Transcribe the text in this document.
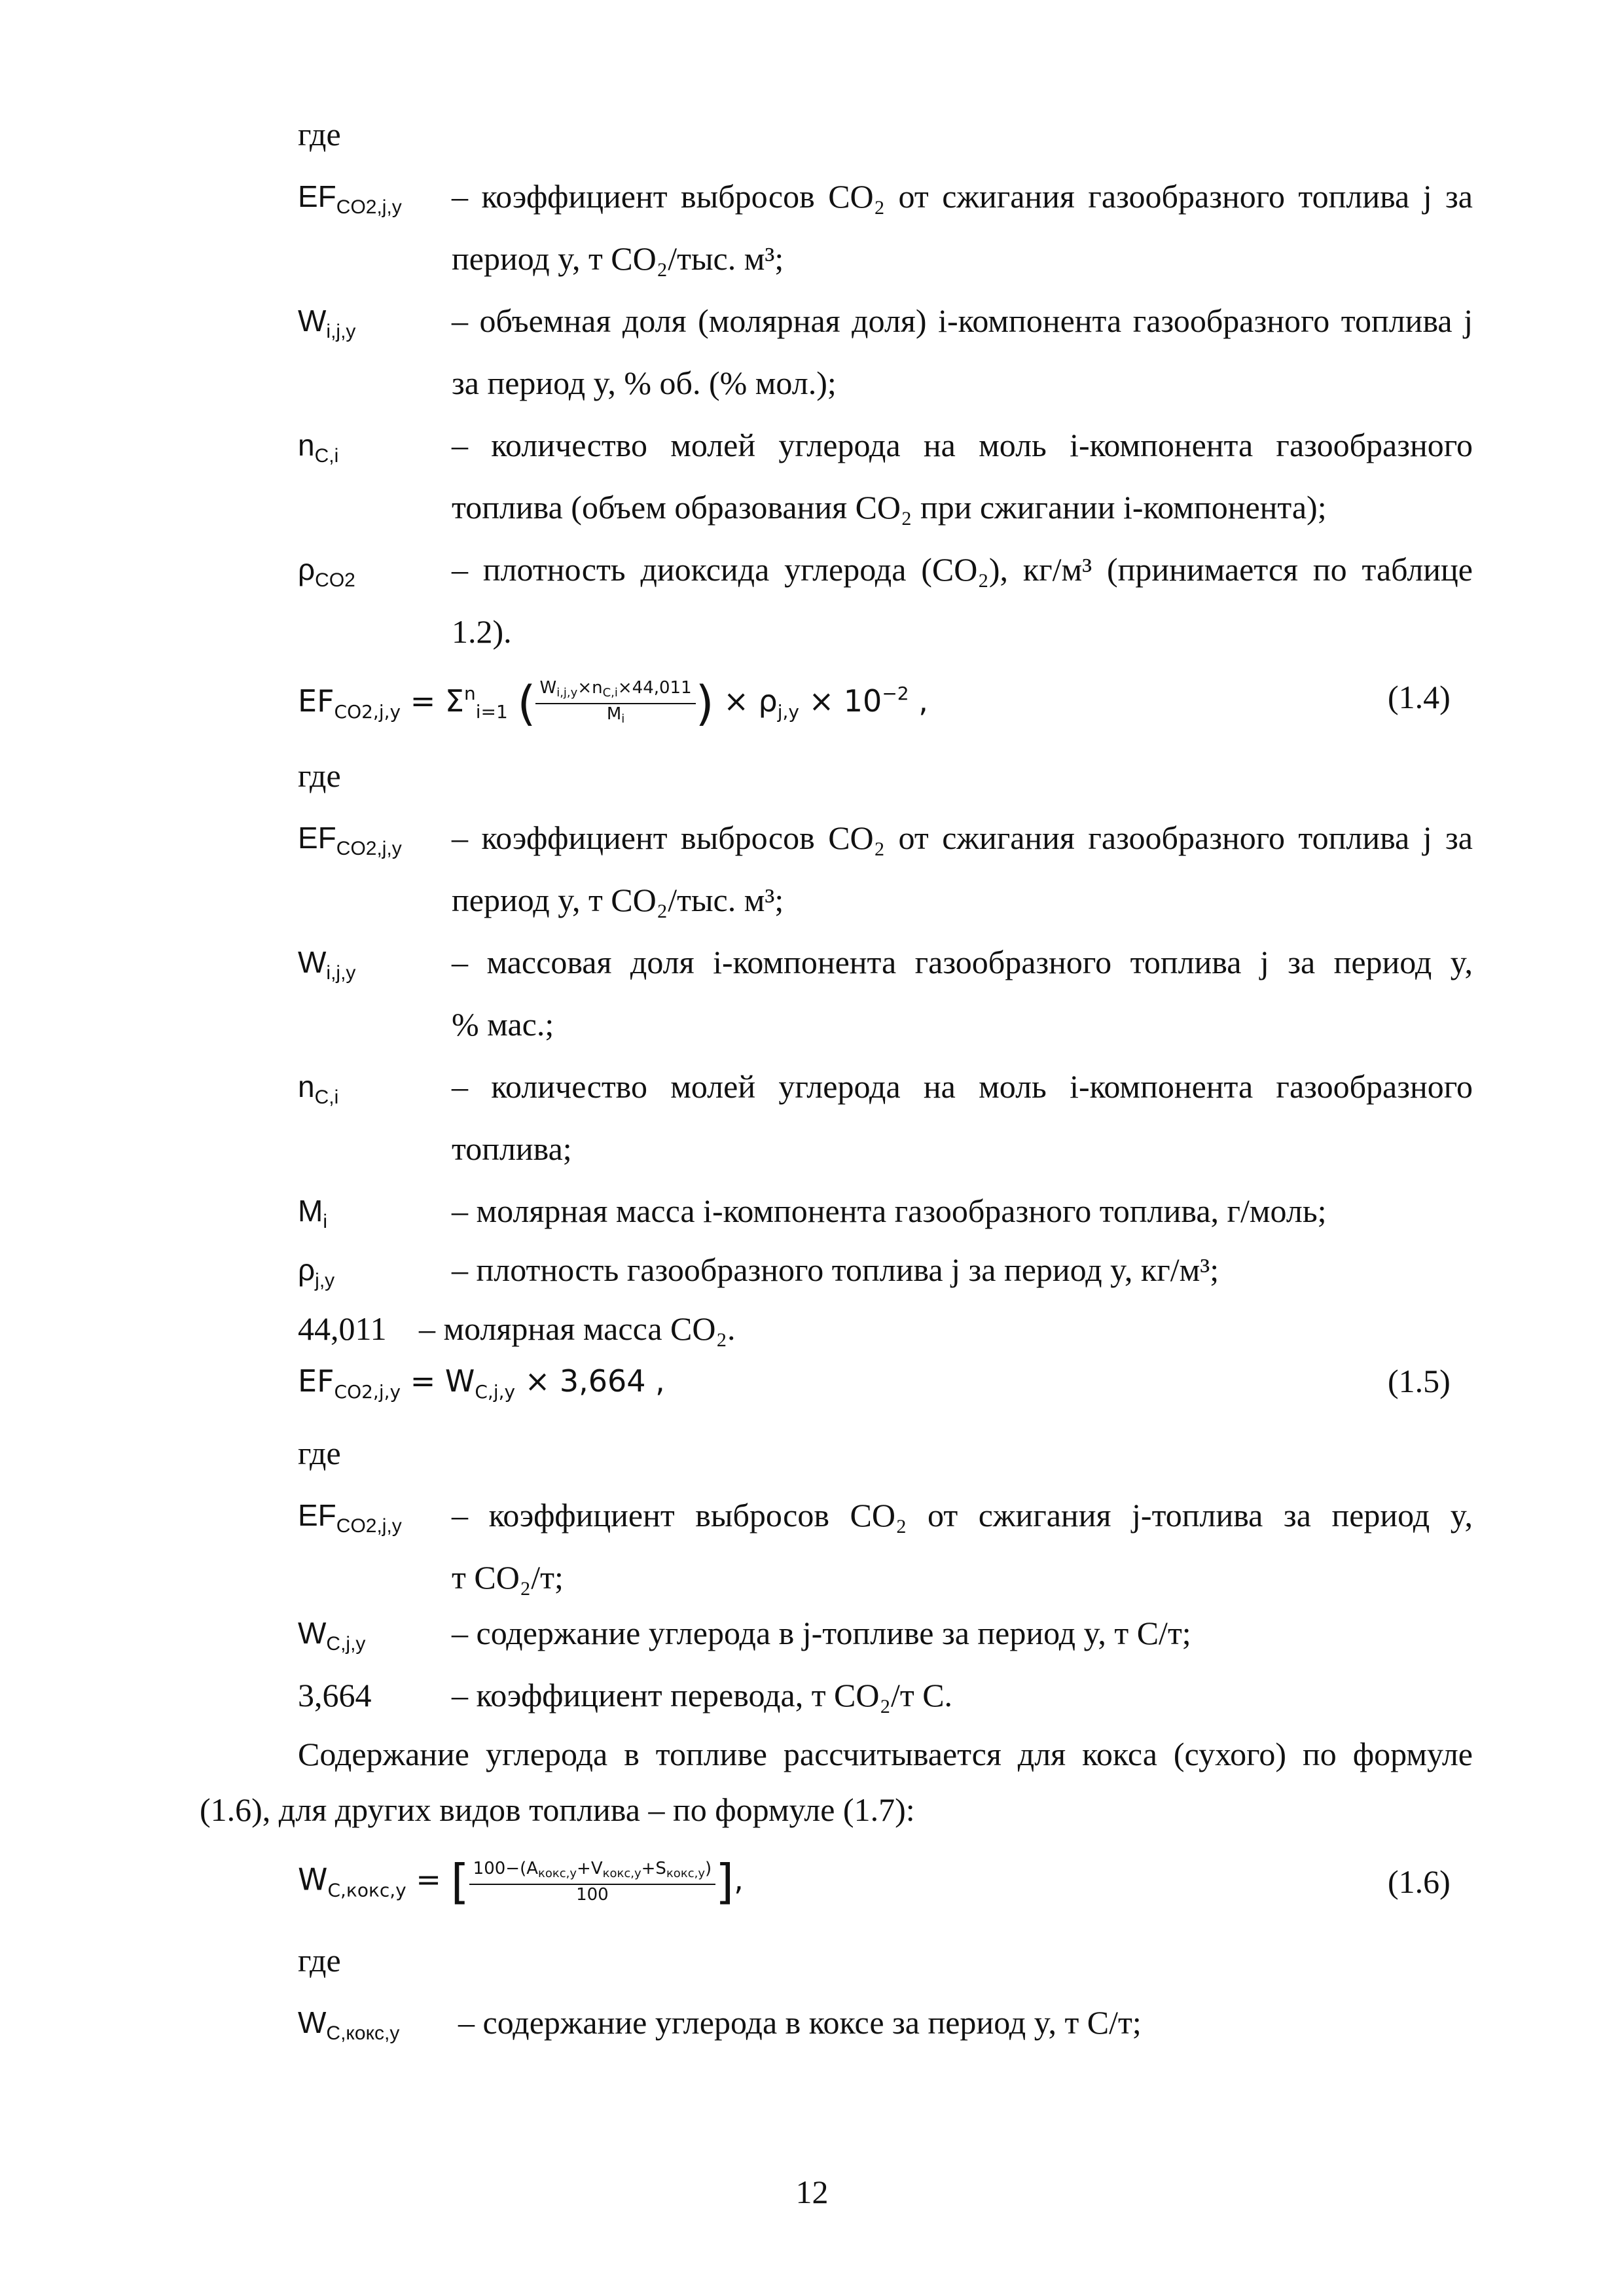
где
$EF_{CO2,j,y}$ – коэффициент выбросов CO₂ от сжигания газообразного топлива j за
период y, т CO₂/тыс. м³;
$W_{i,j,y}$	– объемная доля (молярная доля) i-компонента газообразного топлива j
за период y, % об. (% мол.);
$n_{C,i}$	– количество молей углерода на моль i-компонента газообразного
топлива (объем образования CO₂ при сжигании i-компонента);
$\rho_{CO2}$	– плотность диоксида углерода (CO₂), кг/м³ (принимается по таблице
1.2).
$EF_{CO2,j,y} = \Sigma^n_{i=1}$ ( $\frac{W_{i,j,y}\times n_{C,i}\times 44,011}{M_i}$ ) × $\rho_{j,y} \times 10^{-2}$ ,	(1.4)
где
$EF_{CO2,j,y}$ – коэффициент выбросов CO₂ от сжигания газообразного топлива j за
период y, т CO₂/тыс. м³;
$W_{i,j,y}$	– массовая доля i-компонента газообразного топлива j за период y,
% мас.;
$n_{C,i}$	– количество молей углерода на моль i-компонента газообразного
топлива;
$M_i$	– молярная масса i-компонента газообразного топлива, г/моль;
$\rho_{j,y}$	– плотность газообразного топлива j за период y, кг/м³;
44,011 – молярная масса CO₂.
$EF_{CO2,j,y} = W_{C,j,y} \times 3,664$ ,	(1.5)
где
$EF_{CO2,j,y}$ – коэффициент выбросов CO₂ от сжигания j-топлива за период y,
т CO₂/т;
$W_{C,j,y}$	– содержание углерода в j-топливе за период y, т С/т;
3,664 – коэффициент перевода, т CO₂/т С.
Содержание углерода в топливе рассчитывается для кокса (сухого) по формуле
(1.6), для других видов топлива – по формуле (1.7):
$W_{C,кокс,y}$ = [ $\frac{100-(A_{кокс,y}+V_{кокс,y}+S_{кокс,y})}{100}$ ],	(1.6)
где
$W_{C,кокс,y}$ – содержание углерода в коксе за период y, т С/т;
12
